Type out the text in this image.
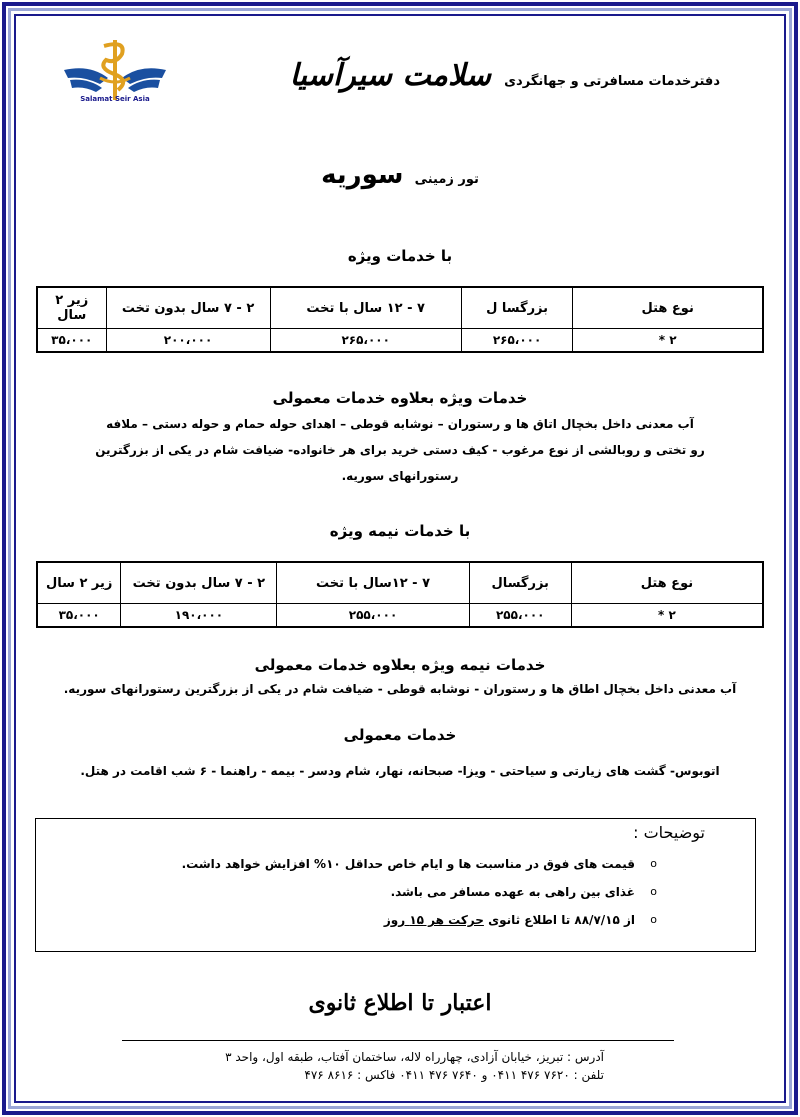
Salamat Seir Asia
دفترخدمات مسافرتی و جهانگردی سلامت سیرآسیا
تور زمینی سوریه
با خدمات ویژه
نوع هتل	بزرگسا ل	۷ - ۱۲ سال با تخت	۲ - ۷ سال بدون تخت	زیر ۲ سال
۲ *	۲۶۵،۰۰۰	۲۶۵،۰۰۰	۲۰۰،۰۰۰	۳۵،۰۰۰
خدمات ویژه بعلاوه خدمات معمولی
آب معدنی داخل بخچال اتاق ها و رستوران – نوشابه قوطی – اهدای حوله حمام و حوله دستی – ملافه
رو تختی و روبالشی از نوع مرغوب - کیف دستی خرید برای هر خانواده- ضیافت شام در یکی از بزرگترین
رستورانهای سوریه.
با خدمات نیمه ویژه
نوع هتل	بزرگسال	۷ - ۱۲سال با تخت	۲ - ۷ سال بدون تخت	زیر ۲ سال
۲ *	۲۵۵،۰۰۰	۲۵۵،۰۰۰	۱۹۰،۰۰۰	۳۵،۰۰۰
خدمات نیمه ویژه بعلاوه خدمات معمولی
آب معدنی داخل بخچال اطاق ها و رستوران - نوشابه قوطی - ضیافت شام در یکی از بزرگترین رستورانهای سوریه.
خدمات معمولی
اتوبوس- گشت های زیارتی و سیاحتی - ویزا- صبحانه، نهار، شام ودسر - بیمه - راهنما - ۶ شب اقامت در هتل.
توضیحات :
o
قیمت های فوق در مناسبت ها و ایام خاص حداقل ۱۰% افزایش خواهد داشت.
o
غذای بین راهی به عهده مسافر می باشد.
o
از ۸۸/۷/۱۵ تا اطلاع ثانوی حرکت هر ۱۵ روز
اعتبار تا اطلاع ثانوی
آدرس : تبریز، خیابان آزادی، چهارراه لاله، ساختمان آفتاب، طبقه اول، واحد ۳
تلفن : ۷۶۲۰ ۴۷۶ ۰۴۱۱ و ۷۶۴۰ ۴۷۶ ۰۴۱۱ فاکس : ۸۶۱۶ ۴۷۶
